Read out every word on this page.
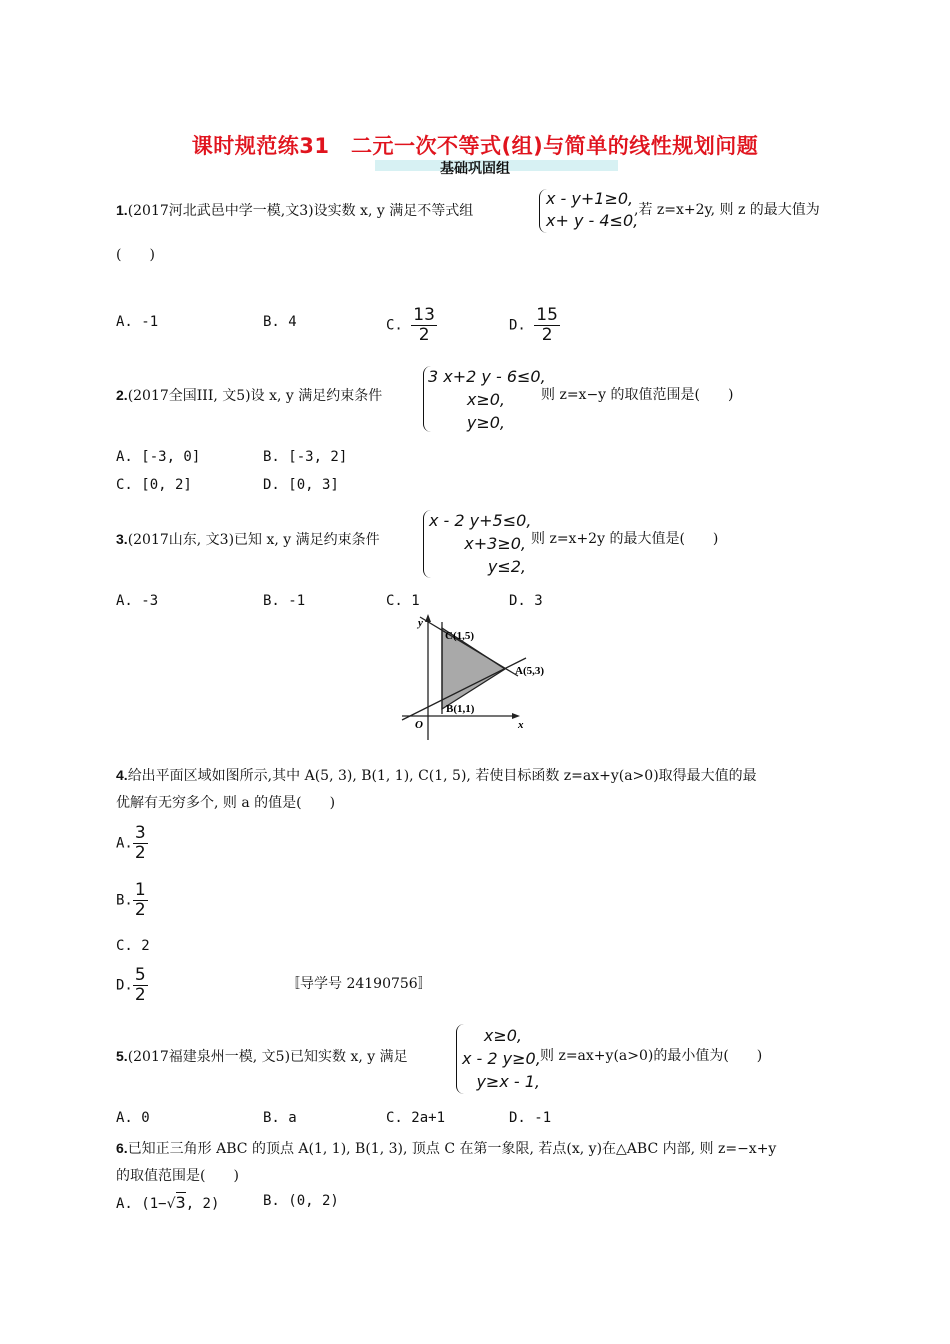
课时规范练31　二元一次不等式(组)与简单的线性规划问题
基础巩固组
1.(2017河北武邑中学一模,文3)设实数 x, y 满足不等式组
x - y+1≥0,
x+ y - 4≤0,
,若 z=x+2y, 则 z 的最大值为
(　　)
A. -1	B. 4	C. $\frac{13}{2}$	D. $\frac{15}{2}$
2.(2017全国III, 文5)设 x, y 满足约束条件
3 x+2 y - 6≤0,
x≥0,
y≥0,
则 z=x−y 的取值范围是(　　)
A. [-3, 0]	B. [-3, 2]
C. [0, 2]	D. [0, 3]
3.(2017山东, 文3)已知 x, y 满足约束条件
x - 2 y+5≤0,
x+3≥0,
y≤2,
则 z=x+2y 的最大值是(　　)
A. -3	B. -1	C. 1	D. 3
y
x
O
C(1,5)
A(5,3)
B(1,1)
4.给出平面区域如图所示,其中 A(5, 3), B(1, 1), C(1, 5), 若使目标函数 z=ax+y(a>0)取得最大值的最
优解有无穷多个, 则 a 的值是(　　)
A. $\frac{3}{2}$
B. $\frac{1}{2}$
C. 2
D. $\frac{5}{2}$	〚导学号 24190756〛
5.(2017福建泉州一模, 文5)已知实数 x, y 满足
x≥0,
x - 2 y≥0,
y≥x - 1,
则 z=ax+y(a>0)的最小值为(　　)
A. 0	B. a	C. 2a+1	D. -1
6.已知正三角形 ABC 的顶点 A(1, 1), B(1, 3), 顶点 C 在第一象限, 若点(x, y)在△ABC 内部, 则 z=−x+y
的取值范围是(　　)
A. (1−√3, 2)	B. (0, 2)
